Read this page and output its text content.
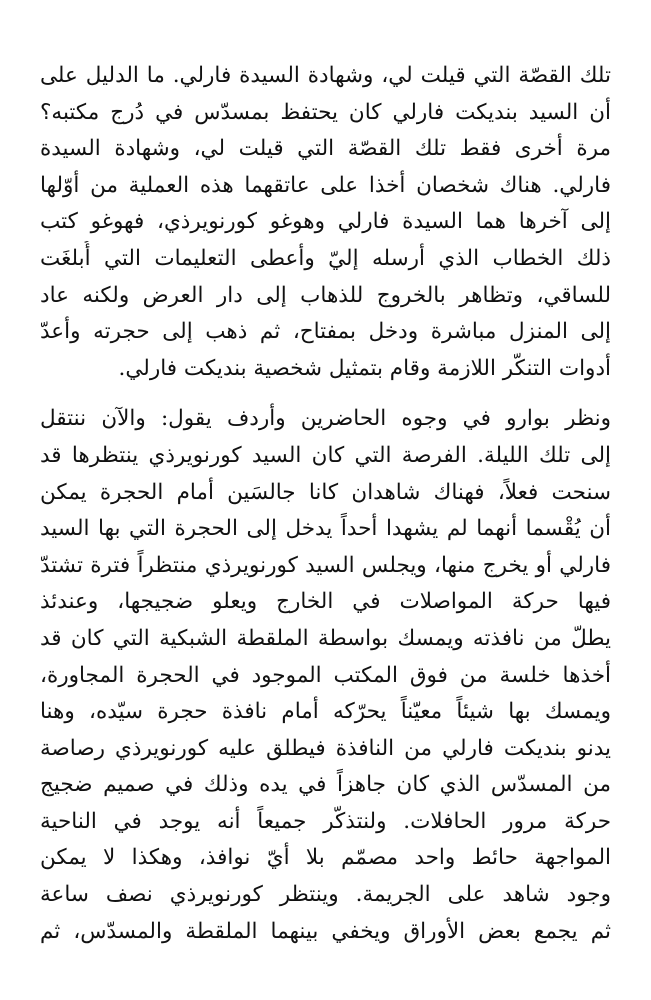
تلك القصّة التي قيلت لي، وشهادة السيدة فارلي. ما الدليل على
أن السيد بنديكت فارلي كان يحتفظ بمسدّس في دُرج مكتبه؟
مرة أخرى فقط تلك القصّة التي قيلت لي، وشهادة السيدة
فارلي. هناك شخصان أخذا على عاتقهما هذه العملية من أوّلها
إلى آخرها هما السيدة فارلي وهوغو كورنويرذي، فهوغو كتب
ذلك الخطاب الذي أرسله إليّ وأعطى التعليمات التي أُبلغَت
للساقي، وتظاهر بالخروج للذهاب إلى دار العرض ولكنه عاد
إلى المنزل مباشرة ودخل بمفتاح، ثم ذهب إلى حجرته وأعدّ
أدوات التنكّر اللازمة وقام بتمثيل شخصية بنديكت فارلي.

ونظر بوارو في وجوه الحاضرين وأردف يقول: والآن ننتقل
إلى تلك الليلة. الفرصة التي كان السيد كورنويرذي ينتظرها قد
سنحت فعلاً، فهناك شاهدان كانا جالسَين أمام الحجرة يمكن
أن يُقْسما أنهما لم يشهدا أحداً يدخل إلى الحجرة التي بها السيد
فارلي أو يخرج منها، ويجلس السيد كورنويرذي منتظراً فترة تشتدّ
فيها حركة المواصلات في الخارج ويعلو ضجيجها، وعندئذ
يطلّ من نافذته ويمسك بواسطة الملقطة الشبكية التي كان قد
أخذها خلسة من فوق المكتب الموجود في الحجرة المجاورة،
ويمسك بها شيئاً معيّناً يحرّكه أمام نافذة حجرة سيّده، وهنا
يدنو بنديكت فارلي من النافذة فيطلق عليه كورنويرذي رصاصة
من المسدّس الذي كان جاهزاً في يده وذلك في صميم ضجيج
حركة مرور الحافلات. ولنتذكّر جميعاً أنه يوجد في الناحية
المواجهة حائط واحد مصمّم بلا أيّ نوافذ، وهكذا لا يمكن
وجود شاهد على الجريمة. وينتظر كورنويرذي نصف ساعة
ثم يجمع بعض الأوراق ويخفي بينهما الملقطة والمسدّس، ثم
